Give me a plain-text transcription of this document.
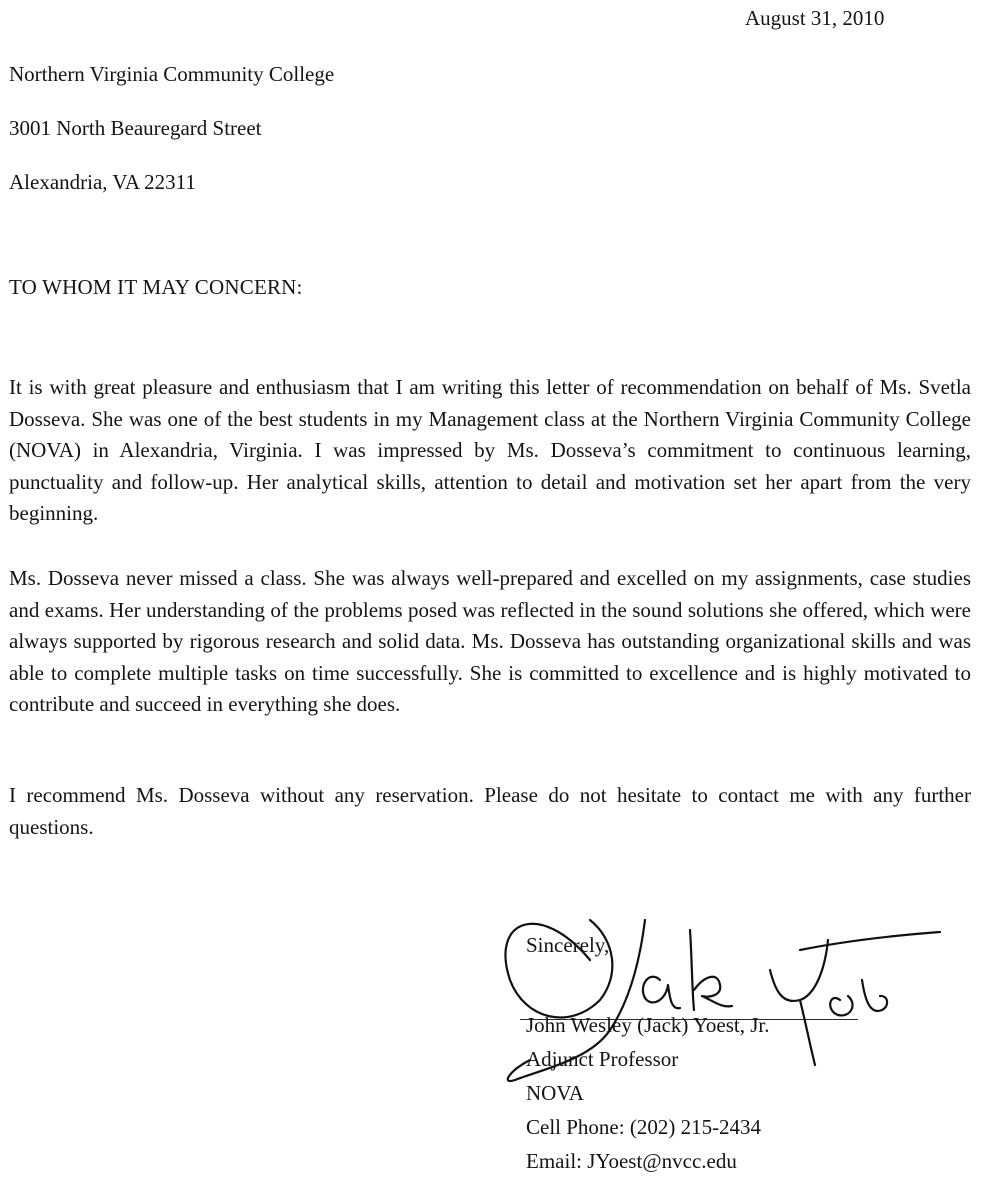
August 31, 2010
Northern Virginia Community College
3001 North Beauregard Street
Alexandria, VA 22311
TO WHOM IT MAY CONCERN:
It is with great pleasure and enthusiasm that I am writing this letter of recommendation on behalf of Ms. Svetla Dosseva. She was one of the best students in my Management class at the Northern Virginia Community College (NOVA) in Alexandria, Virginia. I was impressed by Ms. Dosseva’s commitment to continuous learning, punctuality and follow-up. Her analytical skills, attention to detail and motivation set her apart from the very beginning.
Ms. Dosseva never missed a class. She was always well-prepared and excelled on my assignments, case studies and exams. Her understanding of the problems posed was reflected in the sound solutions she offered, which were always supported by rigorous research and solid data. Ms. Dosseva has outstanding organizational skills and was able to complete multiple tasks on time successfully. She is committed to excellence and is highly motivated to contribute and succeed in everything she does.
I recommend Ms. Dosseva without any reservation. Please do not hesitate to contact me with any further questions.
Sincerely,
John Wesley (Jack) Yoest, Jr.
Adjunct Professor
NOVA
Cell Phone: (202) 215-2434
Email: JYoest@nvcc.edu
